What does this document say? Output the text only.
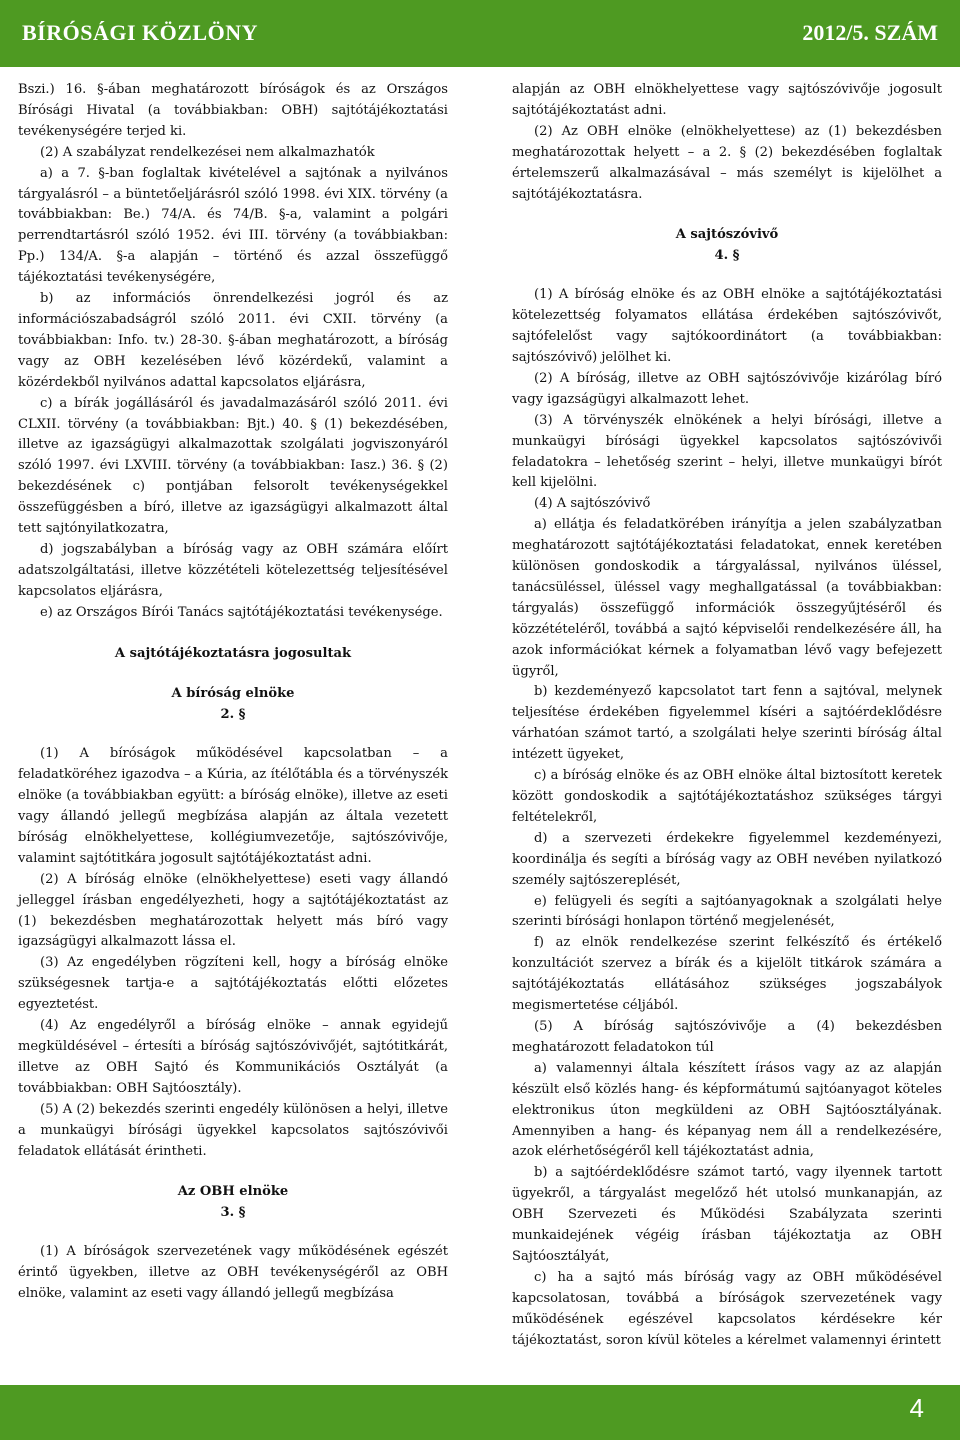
BÍRÓSÁGI KÖZLÖNY	2012/5. SZÁM

Bszi.) 16. §-ában meghatározott bíróságok és az Országos Bírósági Hivatal (a továbbiakban: OBH) sajtótájékoztatási tevékenységére terjed ki.

(2) A szabályzat rendelkezései nem alkalmazhatók

a) a 7. §-ban foglaltak kivételével a sajtónak a nyilvános tárgyalásról – a büntetőeljárásról szóló 1998. évi XIX. törvény (a továbbiakban: Be.) 74/A. és 74/B. §-a, valamint a polgári perrendtartásról szóló 1952. évi III. törvény (a továbbiakban: Pp.) 134/A. §-a alapján – történő és azzal összefüggő tájékoztatási tevékenységére,

b) az információs önrendelkezési jogról és az információszabadságról szóló 2011. évi CXII. törvény (a továbbiakban: Info. tv.) 28-30. §-ában meghatározott, a bíróság vagy az OBH kezelésében lévő közérdekű, valamint a közérdekből nyilvános adattal kapcsolatos eljárásra,

c) a bírák jogállásáról és javadalmazásáról szóló 2011. évi CLXII. törvény (a továbbiakban: Bjt.) 40. § (1) bekezdésében, illetve az igazságügyi alkalmazottak szolgálati jogviszonyáról szóló 1997. évi LXVIII. törvény (a továbbiakban: Iasz.) 36. § (2) bekezdésének c) pontjában felsorolt tevékenységekkel összefüggésben a bíró, illetve az igazságügyi alkalmazott által tett sajtónyilatkozatra,

d) jogszabályban a bíróság vagy az OBH számára előírt adatszolgáltatási, illetve közzétételi kötelezettség teljesítésével kapcsolatos eljárásra,

e) az Országos Bírói Tanács sajtótájékoztatási tevékenysége.

A sajtótájékoztatásra jogosultak

A bíróság elnöke

2. §

(1) A bíróságok működésével kapcsolatban – a feladatköréhez igazodva – a Kúria, az ítélőtábla és a törvényszék elnöke (a továbbiakban együtt: a bíróság elnöke), illetve az eseti vagy állandó jellegű megbízása alapján az általa vezetett bíróság elnökhelyettese, kollégiumvezetője, sajtószóvivője, valamint sajtótitkára jogosult sajtótájékoztatást adni.

(2) A bíróság elnöke (elnökhelyettese) eseti vagy állandó jelleggel írásban engedélyezheti, hogy a sajtótájékoztatást az (1) bekezdésben meghatározottak helyett más bíró vagy igazságügyi alkalmazott lássa el.

(3) Az engedélyben rögzíteni kell, hogy a bíróság elnöke szükségesnek tartja-e a sajtótájékoztatás előtti előzetes egyeztetést.

(4) Az engedélyről a bíróság elnöke – annak egyidejű megküldésével – értesíti a bíróság sajtószóvivőjét, sajtótitkárát, illetve az OBH Sajtó és Kommunikációs Osztályát (a továbbiakban: OBH Sajtóosztály).

(5) A (2) bekezdés szerinti engedély különösen a helyi, illetve a munkaügyi bírósági ügyekkel kapcsolatos sajtószóvivői feladatok ellátását érintheti.

Az OBH elnöke

3. §

(1) A bíróságok szervezetének vagy működésének egészét érintő ügyekben, illetve az OBH tevékenységéről az OBH elnöke, valamint az eseti vagy állandó jellegű megbízása

alapján az OBH elnökhelyettese vagy sajtószóvivője jogosult sajtótájékoztatást adni.

(2) Az OBH elnöke (elnökhelyettese) az (1) bekezdésben meghatározottak helyett – a 2. § (2) bekezdésében foglaltak értelemszerű alkalmazásával – más személyt is kijelölhet a sajtótájékoztatásra.

A sajtószóvivő

4. §

(1) A bíróság elnöke és az OBH elnöke a sajtótájékoztatási kötelezettség folyamatos ellátása érdekében sajtószóvivőt, sajtófelelőst vagy sajtókoordinátort (a továbbiakban: sajtószóvivő) jelölhet ki.

(2) A bíróság, illetve az OBH sajtószóvivője kizárólag bíró vagy igazságügyi alkalmazott lehet.

(3) A törvényszék elnökének a helyi bírósági, illetve a munkaügyi bírósági ügyekkel kapcsolatos sajtószóvivői feladatokra – lehetőség szerint – helyi, illetve munkaügyi bírót kell kijelölni.

(4) A sajtószóvivő

a) ellátja és feladatkörében irányítja a jelen szabályzatban meghatározott sajtótájékoztatási feladatokat, ennek keretében különösen gondoskodik a tárgyalással, nyilvános üléssel, tanácsüléssel, üléssel vagy meghallgatással (a továbbiakban: tárgyalás) összefüggő információk összegyűjtéséről és közzétételéről, továbbá a sajtó képviselői rendelkezésére áll, ha azok információkat kérnek a folyamatban lévő vagy befejezett ügyről,

b) kezdeményező kapcsolatot tart fenn a sajtóval, melynek teljesítése érdekében figyelemmel kíséri a sajtóérdeklődésre várhatóan számot tartó, a szolgálati helye szerinti bíróság által intézett ügyeket,

c) a bíróság elnöke és az OBH elnöke által biztosított keretek között gondoskodik a sajtótájékoztatáshoz szükséges tárgyi feltételekről,

d) a szervezeti érdekekre figyelemmel kezdeményezi, koordinálja és segíti a bíróság vagy az OBH nevében nyilatkozó személy sajtószereplését,

e) felügyeli és segíti a sajtóanyagoknak a szolgálati helye szerinti bírósági honlapon történő megjelenését,

f) az elnök rendelkezése szerint felkészítő és értékelő konzultációt szervez a bírák és a kijelölt titkárok számára a sajtótájékoztatás ellátásához szükséges jogszabályok megismertetése céljából.

(5) A bíróság sajtószóvivője a (4) bekezdésben meghatározott feladatokon túl

a) valamennyi általa készített írásos vagy az az alapján készült első közlés hang- és képformátumú sajtóanyagot köteles elektronikus úton megküldeni az OBH Sajtóosztályának. Amennyiben a hang- és képanyag nem áll a rendelkezésére, azok elérhetőségéről kell tájékoztatást adnia,

b) a sajtóérdeklődésre számot tartó, vagy ilyennek tartott ügyekről, a tárgyalást megelőző hét utolsó munkanapján, az OBH Szervezeti és Működési Szabályzata szerinti munkaidejének végéig írásban tájékoztatja az OBH Sajtóosztályát,

c) ha a sajtó más bíróság vagy az OBH működésével kapcsolatosan, továbbá a bíróságok szervezetének vagy működésének egészével kapcsolatos kérdésekre kér tájékoztatást, soron kívül köteles a kérelmet valamennyi érintett

4
